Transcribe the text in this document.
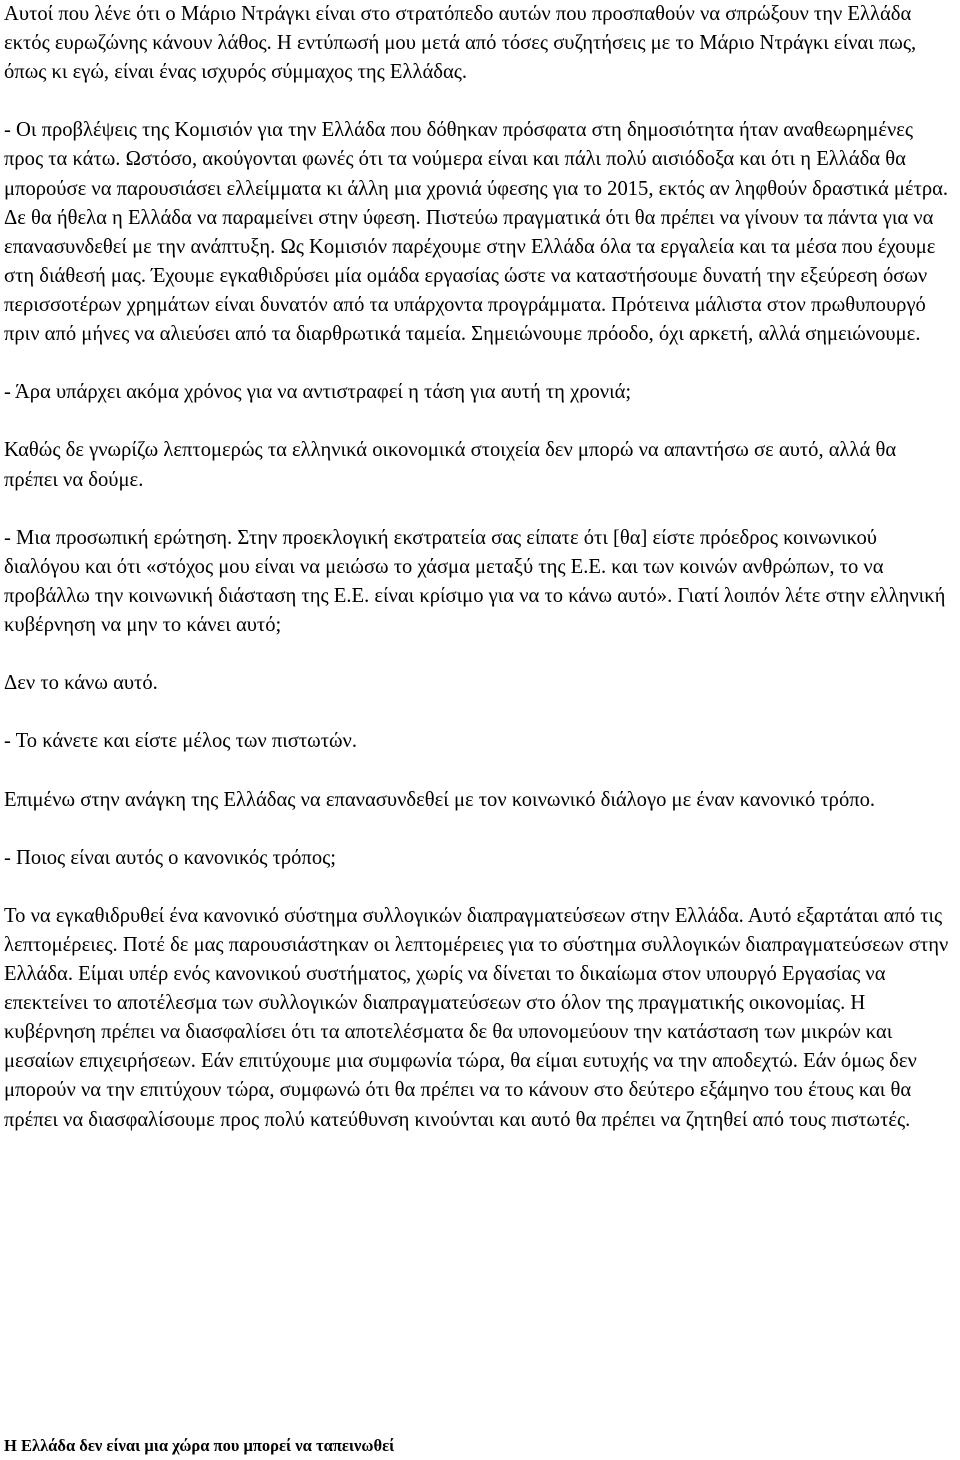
Αυτοί που λένε ότι ο Μάριο Ντράγκι είναι στο στρατόπεδο αυτών που προσπαθούν να σπρώξουν την Ελλάδα εκτός ευρωζώνης κάνουν λάθος. Η εντύπωσή μου μετά από τόσες συζητήσεις με το Μάριο Ντράγκι είναι πως, όπως κι εγώ, είναι ένας ισχυρός σύμμαχος της Ελλάδας.

- Οι προβλέψεις της Κομισιόν για την Ελλάδα που δόθηκαν πρόσφατα στη δημοσιότητα ήταν αναθεωρημένες προς τα κάτω. Ωστόσο, ακούγονται φωνές ότι τα νούμερα είναι και πάλι πολύ αισιόδοξα και ότι η Ελλάδα θα μπορούσε να παρουσιάσει ελλείμματα κι άλλη μια χρονιά ύφεσης για το 2015, εκτός αν ληφθούν δραστικά μέτρα.

Δε θα ήθελα η Ελλάδα να παραμείνει στην ύφεση. Πιστεύω πραγματικά ότι θα πρέπει να γίνουν τα πάντα για να επανασυνδεθεί με την ανάπτυξη. Ως Κομισιόν παρέχουμε στην Ελλάδα όλα τα εργαλεία και τα μέσα που έχουμε στη διάθεσή μας. Έχουμε εγκαθιδρύσει μία ομάδα εργασίας ώστε να καταστήσουμε δυνατή την εξεύρεση όσων περισσοτέρων χρημάτων είναι δυνατόν από τα υπάρχοντα προγράμματα. Πρότεινα μάλιστα στον πρωθυπουργό πριν από μήνες να αλιεύσει από τα διαρθρωτικά ταμεία. Σημειώνουμε πρόοδο, όχι αρκετή, αλλά σημειώνουμε.

- Άρα υπάρχει ακόμα χρόνος για να αντιστραφεί η τάση για αυτή τη χρονιά;

Καθώς δε γνωρίζω λεπτομερώς τα ελληνικά οικονομικά στοιχεία δεν μπορώ να απαντήσω σε αυτό, αλλά θα πρέπει να δούμε.

- Μια προσωπική ερώτηση. Στην προεκλογική εκστρατεία σας είπατε ότι [θα] είστε πρόεδρος κοινωνικού διαλόγου και ότι «στόχος μου είναι να μειώσω το χάσμα μεταξύ της Ε.Ε. και των κοινών ανθρώπων, το να προβάλλω την κοινωνική διάσταση της Ε.Ε. είναι κρίσιμο για να το κάνω αυτό». Γιατί λοιπόν λέτε στην ελληνική κυβέρνηση να μην το κάνει αυτό;

Δεν το κάνω αυτό.

- Το κάνετε και είστε μέλος των πιστωτών.

Επιμένω στην ανάγκη της Ελλάδας να επανασυνδεθεί με τον κοινωνικό διάλογο με έναν κανονικό τρόπο.

- Ποιος είναι αυτός ο κανονικός τρόπος;

Το να εγκαθιδρυθεί ένα κανονικό σύστημα συλλογικών διαπραγματεύσεων στην Ελλάδα. Αυτό εξαρτάται από τις λεπτομέρειες. Ποτέ δε μας παρουσιάστηκαν οι λεπτομέρειες για το σύστημα συλλογικών διαπραγματεύσεων στην Ελλάδα. Είμαι υπέρ ενός κανονικού συστήματος, χωρίς να δίνεται το δικαίωμα στον υπουργό Εργασίας να επεκτείνει το αποτέλεσμα των συλλογικών διαπραγματεύσεων στο όλον της πραγματικής οικονομίας. Η κυβέρνηση πρέπει να διασφαλίσει ότι τα αποτελέσματα δε θα υπονομεύουν την κατάσταση των μικρών και μεσαίων επιχειρήσεων. Εάν επιτύχουμε μια συμφωνία τώρα, θα είμαι ευτυχής να την αποδεχτώ. Εάν όμως δεν μπορούν να την επιτύχουν τώρα, συμφωνώ ότι θα πρέπει να το κάνουν στο δεύτερο εξάμηνο του έτους και θα πρέπει να διασφαλίσουμε προς πολύ κατεύθυνση κινούνται και αυτό θα πρέπει να ζητηθεί από τους πιστωτές.

Η Ελλάδα δεν είναι μια χώρα που μπορεί να ταπεινωθεί
